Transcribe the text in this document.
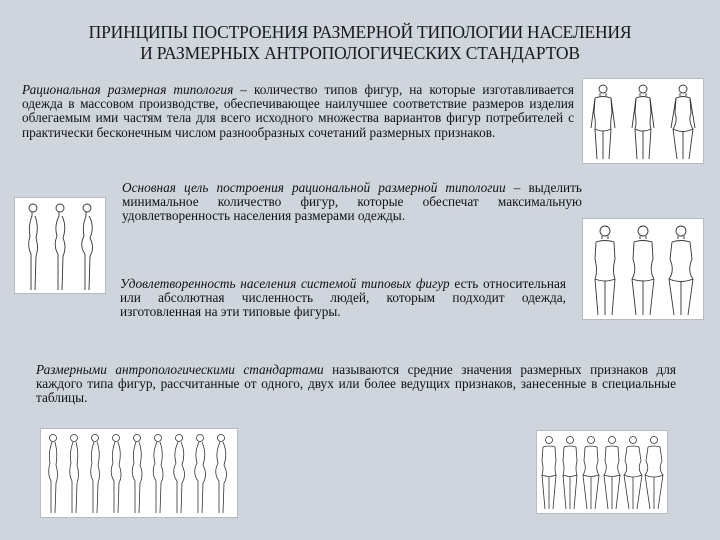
ПРИНЦИПЫ ПОСТРОЕНИЯ РАЗМЕРНОЙ ТИПОЛОГИИ НАСЕЛЕНИЯ
И РАЗМЕРНЫХ АНТРОПОЛОГИЧЕСКИХ СТАНДАРТОВ
Рациональная размерная типология – количество типов фигур, на которые изготавливается одежда в массовом производстве, обеспечивающее наилучшее соответствие размеров изделия облегаемым ими частям тела для всего исходного множества вариантов фигур потребителей с практически бесконечным числом разнообразных сочетаний размерных признаков.
Основная цель построения рациональной размерной типологии – выделить минимальное количество фигур, которые обеспечат максимальную удовлетворенность населения размерами одежды.
Удовлетворенность населения системой типовых фигур есть относительная или абсолютная численность людей, которым подходит одежда, изготовленная на эти типовые фигуры.
Размерными антропологическими стандартами называются средние значения размерных признаков для каждого типа фигур, рассчитанные от одного, двух или более ведущих признаков, занесенные в специальные таблицы.
